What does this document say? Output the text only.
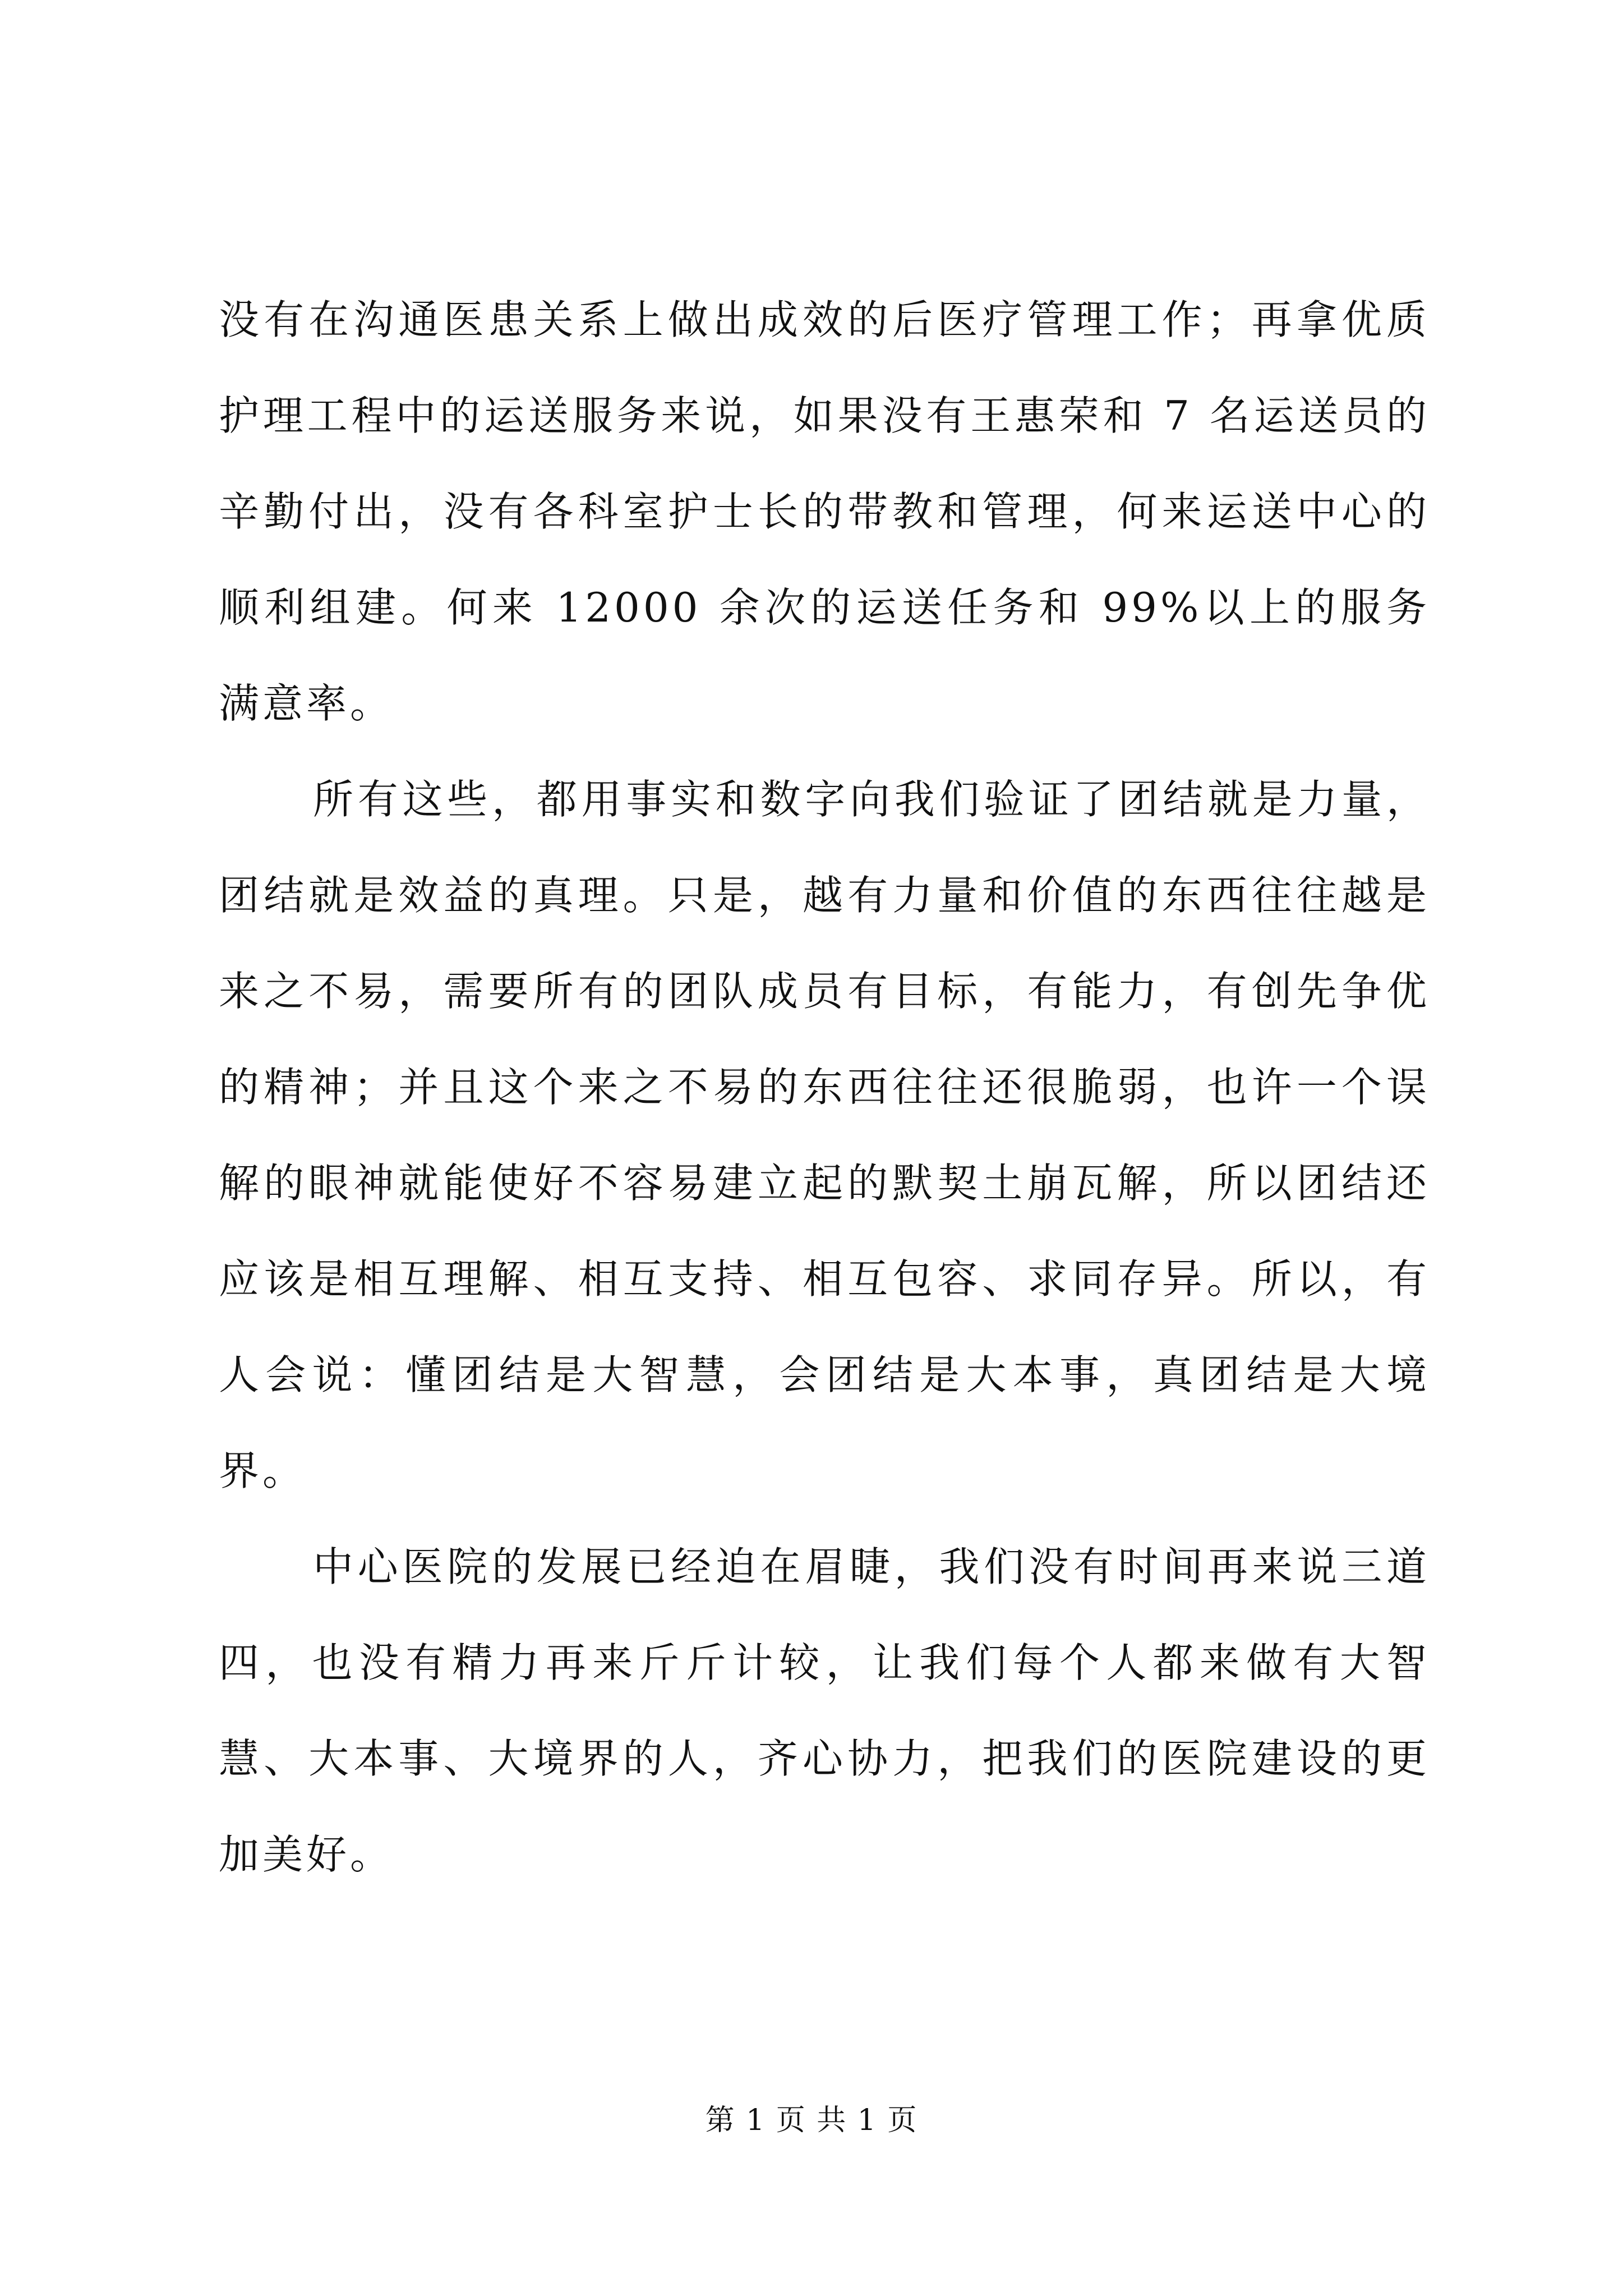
没有在沟通医患关系上做出成效的后医疗管理工作；再拿优质护理工程中的运送服务来说，如果没有王惠荣和 7 名运送员的辛勤付出，没有各科室护士长的带教和管理，何来运送中心的顺利组建。何来 12000 余次的运送任务和 99%以上的服务满意率。

所有这些，都用事实和数字向我们验证了团结就是力量，团结就是效益的真理。只是，越有力量和价值的东西往往越是来之不易，需要所有的团队成员有目标，有能力，有创先争优的精神；并且这个来之不易的东西往往还很脆弱，也许一个误解的眼神就能使好不容易建立起的默契土崩瓦解，所以团结还应该是相互理解、相互支持、相互包容、求同存异。所以，有人会说：懂团结是大智慧，会团结是大本事，真团结是大境界。

中心医院的发展已经迫在眉睫，我们没有时间再来说三道四，也没有精力再来斤斤计较，让我们每个人都来做有大智慧、大本事、大境界的人，齐心协力，把我们的医院建设的更加美好。

第 1 页 共 1 页
